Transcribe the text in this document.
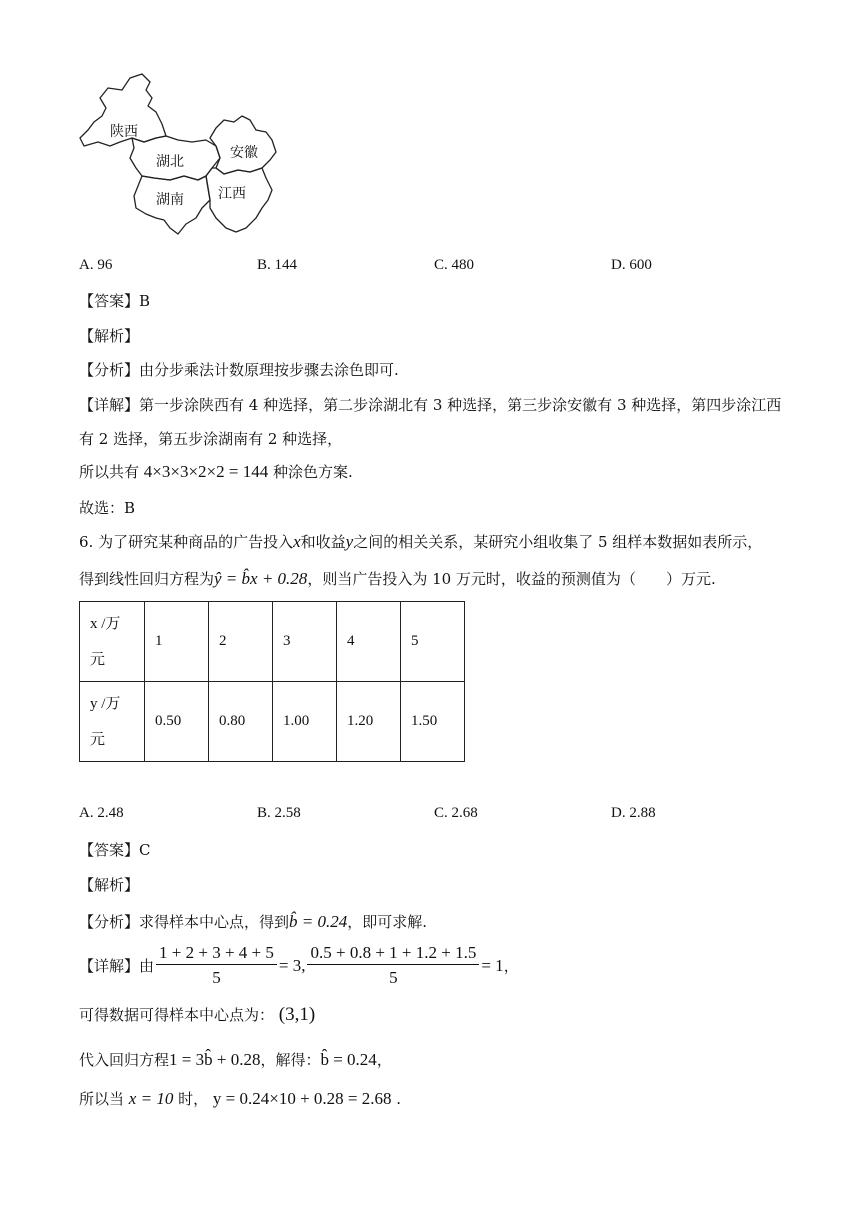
陕西
湖北
安徽
湖南 江西
A. 96	B. 144	C. 480	D. 600
【答案】B
【解析】
【分析】由分步乘法计数原理按步骤去涂色即可.
【详解】第一步涂陕西有 4 种选择，第二步涂湖北有 3 种选择，第三步涂安徽有 3 种选择，第四步涂江西
有 2 选择，第五步涂湖南有 2 种选择，
所以共有 4×3×3×2×2 = 144 种涂色方案.
故选：B
6. 为了研究某种商品的广告投入x和收益y之间的相关关系，某研究小组收集了 5 组样本数据如表所示，
得到线性回归方程为ŷ = b̂x + 0.28，则当广告投入为 10 万元时，收益的预测值为（　　）万元.
x /万
元	1	2	3	4	5

y /万
元	0.50	0.80	1.00	1.20	1.50
A. 2.48	B. 2.58	C. 2.68	D. 2.88
【答案】C
【解析】
【分析】求得样本中心点，得到b̂ = 0.24，即可求解.
【详解】 由 $\frac{1 + 2 + 3 + 4 + 5}{5} = 3$, $\frac{0.5 + 0.8 + 1 + 1.2 + 1.5}{5} = 1$ ，
可得数据可得样本中心点为： (3,1)
代入回归方程1 = 3b̂ + 0.28，解得：b̂ = 0.24，
所以当 x = 10 时， y = 0.24×10 + 0.28 = 2.68 .
